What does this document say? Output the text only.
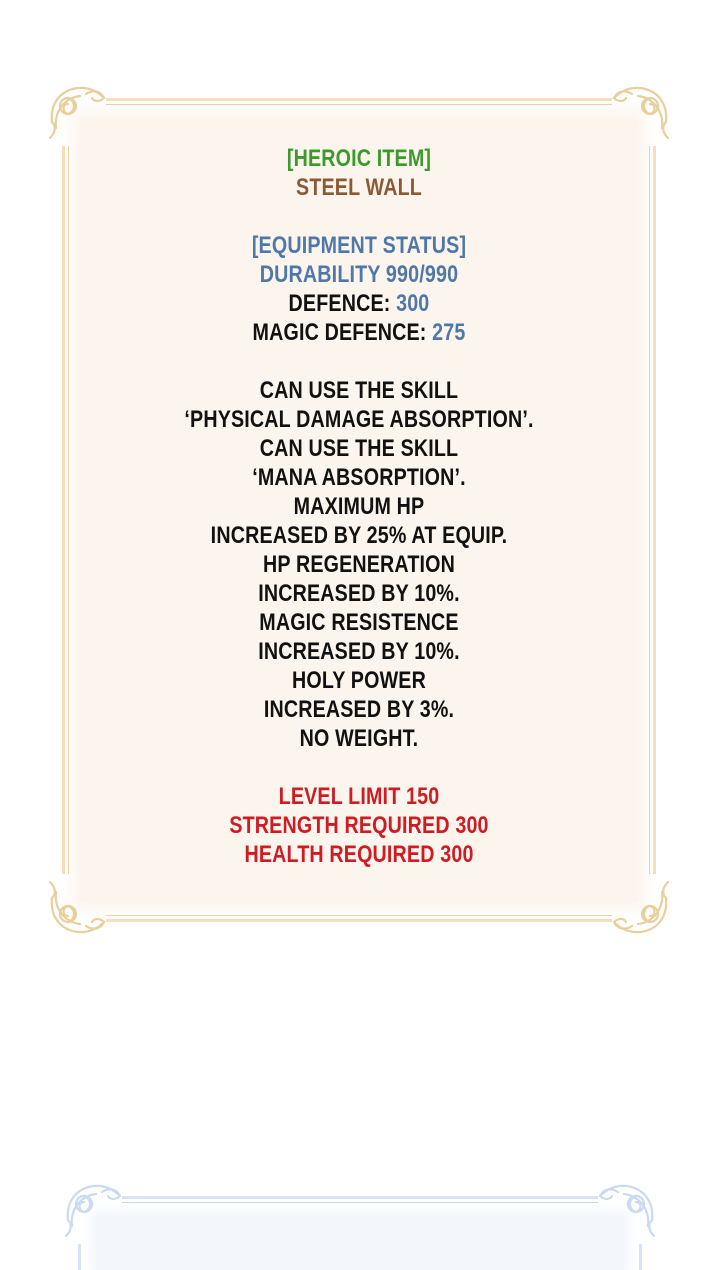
[HEROIC ITEM]
STEEL WALL
[EQUIPMENT STATUS]
DURABILITY 990/990
DEFENCE: 300
MAGIC DEFENCE: 275
CAN USE THE SKILL
‘PHYSICAL DAMAGE ABSORPTION’.
CAN USE THE SKILL
‘MANA ABSORPTION’.
MAXIMUM HP
INCREASED BY 25% AT EQUIP.
HP REGENERATION
INCREASED BY 10%.
MAGIC RESISTENCE
INCREASED BY 10%.
HOLY POWER
INCREASED BY 3%.
NO WEIGHT.
LEVEL LIMIT 150
STRENGTH REQUIRED 300
HEALTH REQUIRED 300
